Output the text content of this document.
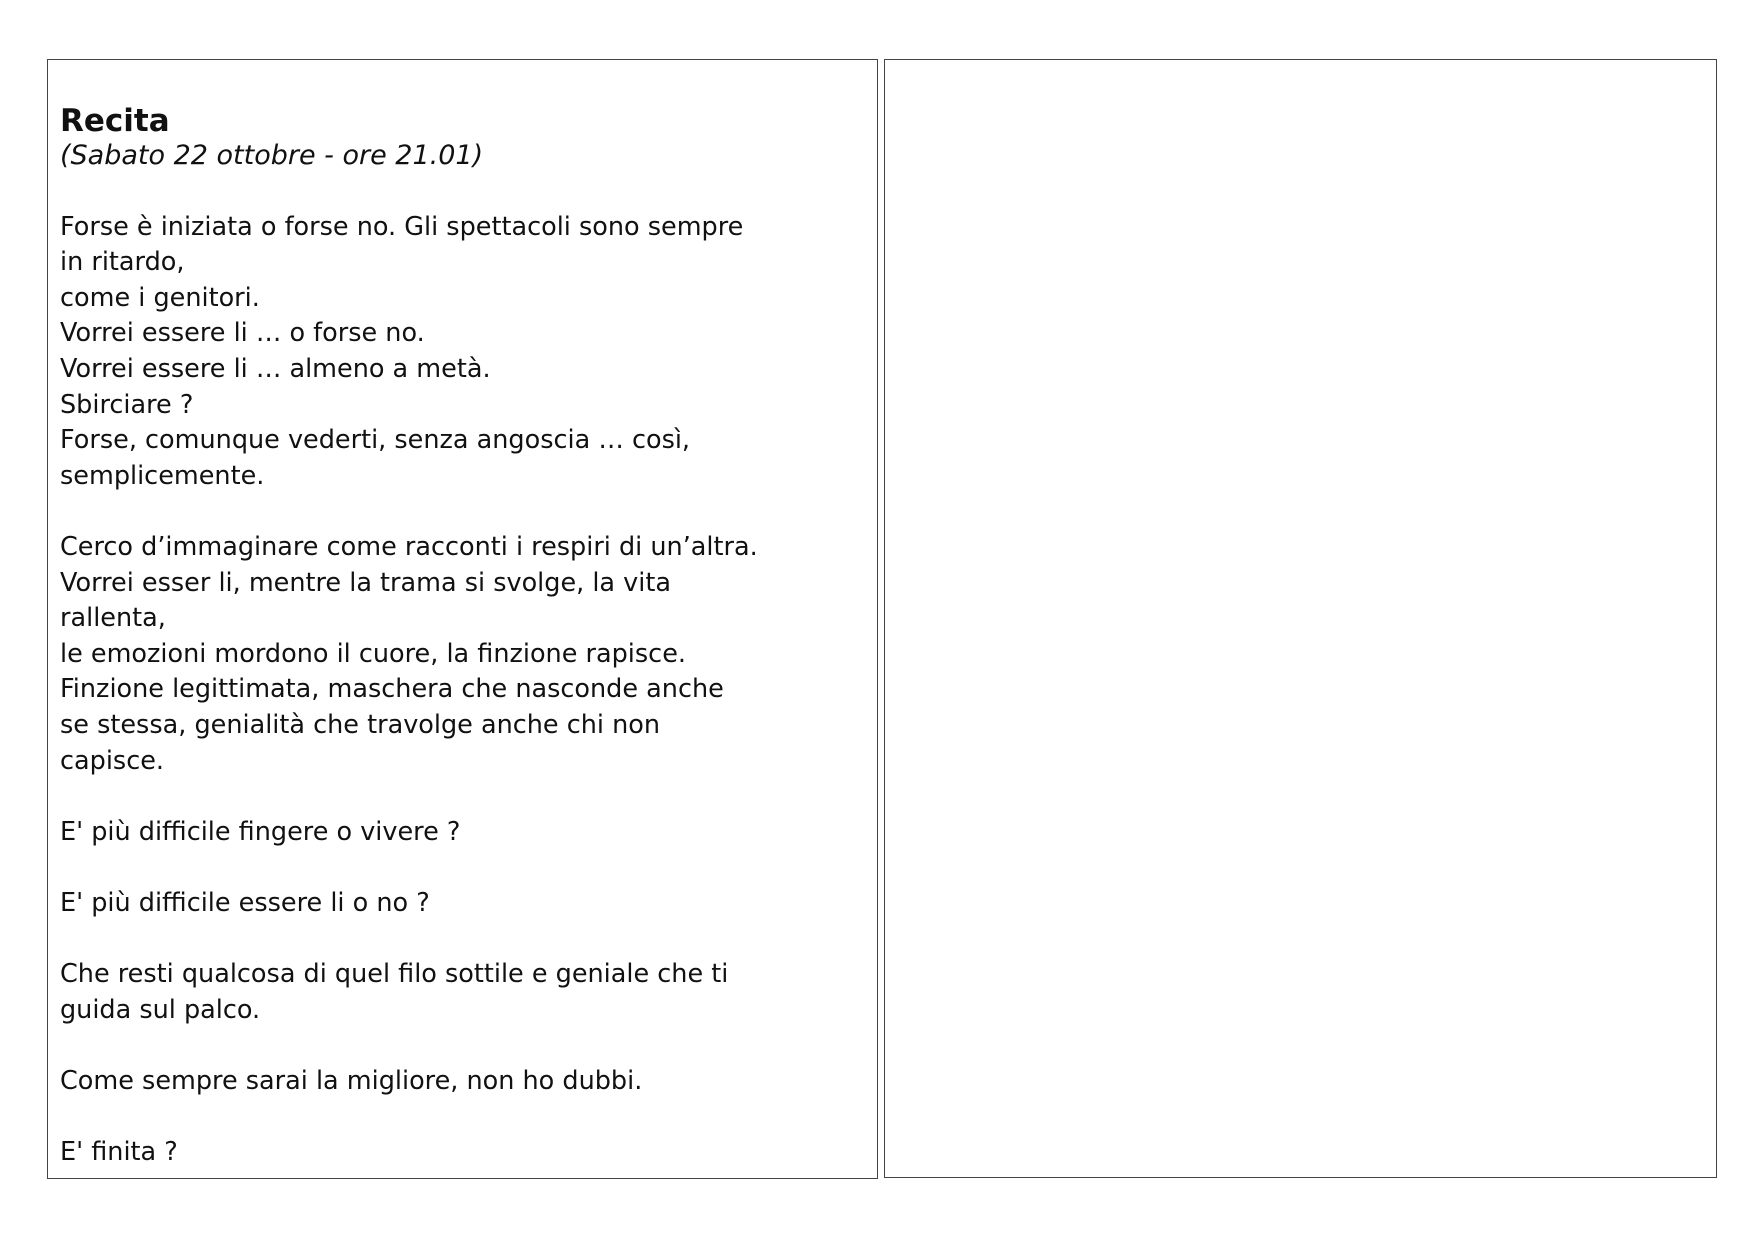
Recita

(Sabato 22 ottobre - ore 21.01)

Forse è iniziata o forse no. Gli spettacoli sono sempre

in ritardo,

come i genitori.

Vorrei essere li … o forse no.

Vorrei essere li … almeno a metà.

Sbirciare ?

Forse, comunque vederti, senza angoscia … così,

semplicemente.

Cerco d’immaginare come racconti i respiri di un’altra.

Vorrei esser li, mentre la trama si svolge, la vita

rallenta,

le emozioni mordono il cuore, la finzione rapisce.

Finzione legittimata, maschera che nasconde anche

se stessa, genialità che travolge anche chi non

capisce.

E' più difficile fingere o vivere ?

E' più difficile essere li o no ?

Che resti qualcosa di quel filo sottile e geniale che ti

guida sul palco.

Come sempre sarai la migliore, non ho dubbi.

E' finita ?
